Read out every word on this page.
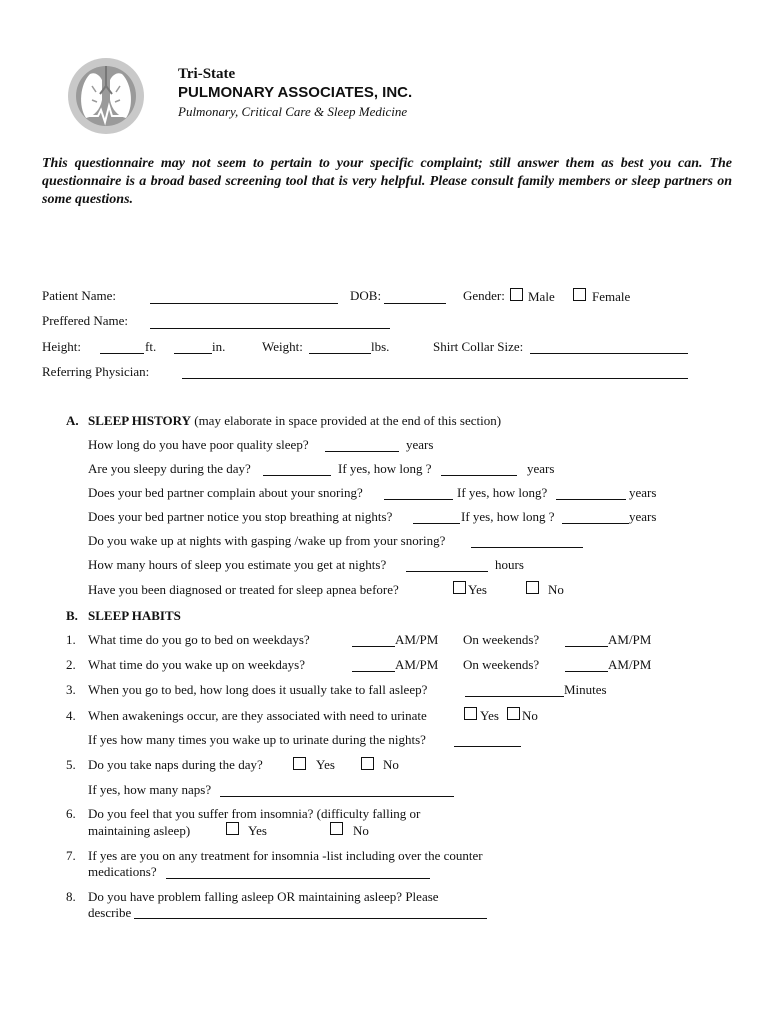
Tri-State
PULMONARY ASSOCIATES, INC.
Pulmonary, Critical Care & Sleep Medicine
This questionnaire may not seem to pertain to your specific complaint; still answer them as best you can. The questionnaire is a broad based screening tool that is very helpful. Please consult family members or sleep partners on some questions.
Patient Name:	DOB:	Gender: Male	Female
Preffered Name:
Height:	ft.	in.	Weight:	lbs.	Shirt Collar Size:
Referring Physician:
A. SLEEP HISTORY (may elaborate in space provided at the end of this section)
How long do you have poor quality sleep?	years
Are you sleepy during the day?	If yes, how long ?	years
Does your bed partner complain about your snoring?	If yes, how long?	years
Does your bed partner notice you stop breathing at nights?	If yes, how long ?	years
Do you wake up at nights with gasping /wake up from your snoring?
How many hours of sleep you estimate you get at nights?	hours
Have you been diagnosed or treated for sleep apnea before?	Yes	No
B. SLEEP HABITS
1. What time do you go to bed on weekdays?	AM/PM On weekends?	AM/PM
2. What time do you wake up on weekdays?	AM/PM On weekends?	AM/PM
3. When you go to bed, how long does it usually take to fall asleep?	Minutes
4. When awakenings occur, are they associated with need to urinate	Yes No
If yes how many times you wake up to urinate during the nights?
5. Do you take naps during the day?	Yes	No
If yes, how many naps?
6. Do you feel that you suffer from insomnia? (difficulty falling or
maintaining asleep)	Yes	No
7. If yes are you on any treatment for insomnia -list including over the counter
medications?
8. Do you have problem falling asleep OR maintaining asleep? Please
describe
